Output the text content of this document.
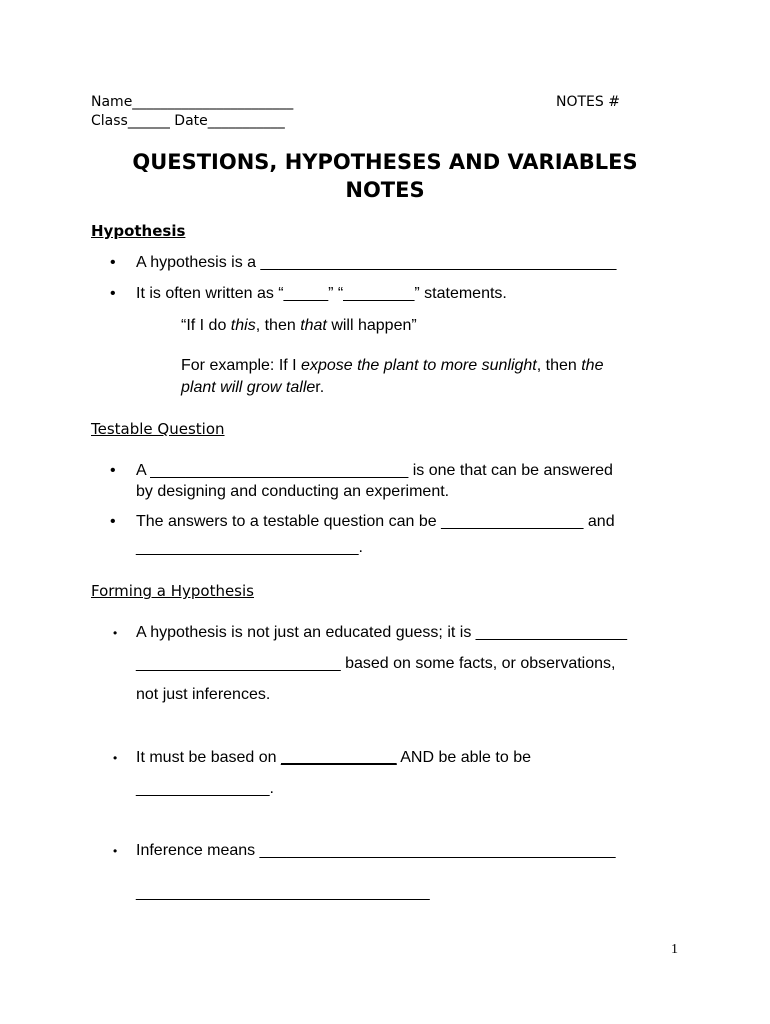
Name_______________________	NOTES #
Class______ Date___________
QUESTIONS, HYPOTHESES AND VARIABLES
NOTES
Hypothesis
• A hypothesis is a ________________________________________
• It is often written as “_____” “________” statements.
“If I do this, then that will happen”
For example: If I expose the plant to more sunlight, then the
plant will grow taller.
Testable Question
• A _____________________________ is one that can be answered
by designing and conducting an experiment.
• The answers to a testable question can be ________________ and
_________________________.
Forming a Hypothesis
• A hypothesis is not just an educated guess; it is _________________
_______________________ based on some facts, or observations,
not just inferences.
• It must be based on _____________ AND be able to be
_______________.
• Inference means ________________________________________
_________________________________
1
